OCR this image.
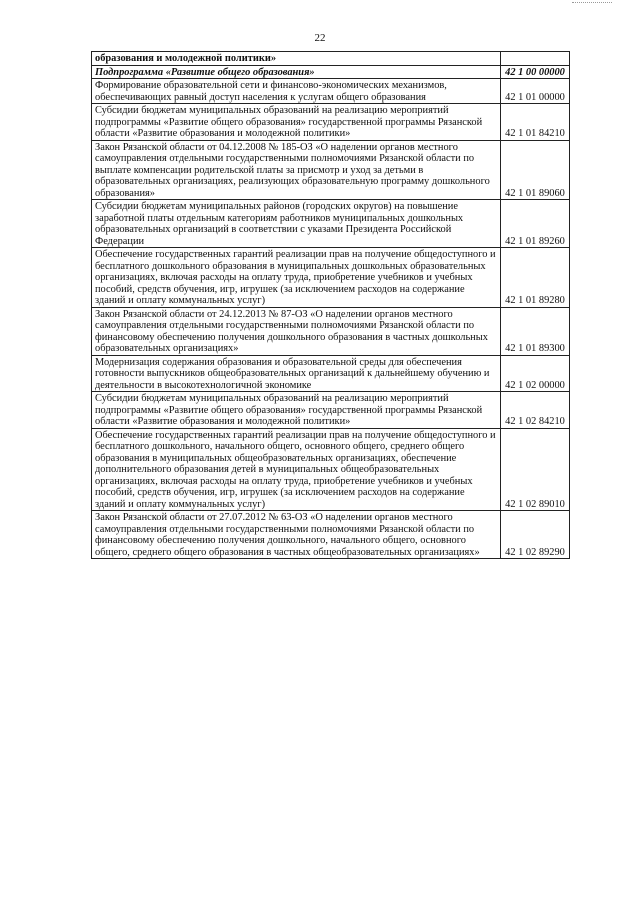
22
образования и молодежной политики»	
Подпрограмма «Развитие общего образования»	42 1 00 00000
Формирование образовательной сети и финансово-экономических механизмов, обеспечивающих равный доступ населения к услугам общего образования	42 1 01 00000
Субсидии бюджетам муниципальных образований на реализацию мероприятий подпрограммы «Развитие общего образования» государственной программы Рязанской области «Развитие образования и молодежной политики»	42 1 01 84210
Закон Рязанской области от 04.12.2008 № 185-ОЗ «О наделении органов местного самоуправления отдельными государственными полномочиями Рязанской области по выплате компенсации родительской платы за присмотр и уход за детьми в образовательных организациях, реализующих образовательную программу дошкольного образования»	42 1 01 89060
Субсидии бюджетам муниципальных районов (городских округов) на повышение заработной платы отдельным категориям работников муниципальных дошкольных образовательных организаций в соответствии с указами Президента Российской Федерации	42 1 01 89260
Обеспечение государственных гарантий реализации прав на получение общедоступного и бесплатного дошкольного образования в муниципальных дошкольных образовательных организациях, включая расходы на оплату труда, приобретение учебников и учебных пособий, средств обучения, игр, игрушек (за исключением расходов на содержание зданий и оплату коммунальных услуг)	42 1 01 89280
Закон Рязанской области от 24.12.2013 № 87-ОЗ «О наделении органов местного самоуправления отдельными государственными полномочиями Рязанской области по финансовому обеспечению получения дошкольного образования в частных дошкольных образовательных организациях»	42 1 01 89300
Модернизация содержания образования и образовательной среды для обеспечения готовности выпускников общеобразовательных организаций к дальнейшему обучению и деятельности в высокотехнологичной экономике	42 1 02 00000
Субсидии бюджетам муниципальных образований на реализацию мероприятий подпрограммы «Развитие общего образования» государственной программы Рязанской области «Развитие образования и молодежной политики»	42 1 02 84210
Обеспечение государственных гарантий реализации прав на получение общедоступного и бесплатного дошкольного, начального общего, основного общего, среднего общего образования в муниципальных общеобразовательных организациях, обеспечение дополнительного образования детей в муниципальных общеобразовательных организациях, включая расходы на оплату труда, приобретение учебников и учебных пособий, средств обучения, игр, игрушек (за исключением расходов на содержание зданий и оплату коммунальных услуг)	42 1 02 89010
Закон Рязанской области от 27.07.2012 № 63-ОЗ «О наделении органов местного самоуправления отдельными государственными полномочиями Рязанской области по финансовому обеспечению получения дошкольного, начального общего, основного общего, среднего общего образования в частных общеобразовательных организациях»	42 1 02 89290
